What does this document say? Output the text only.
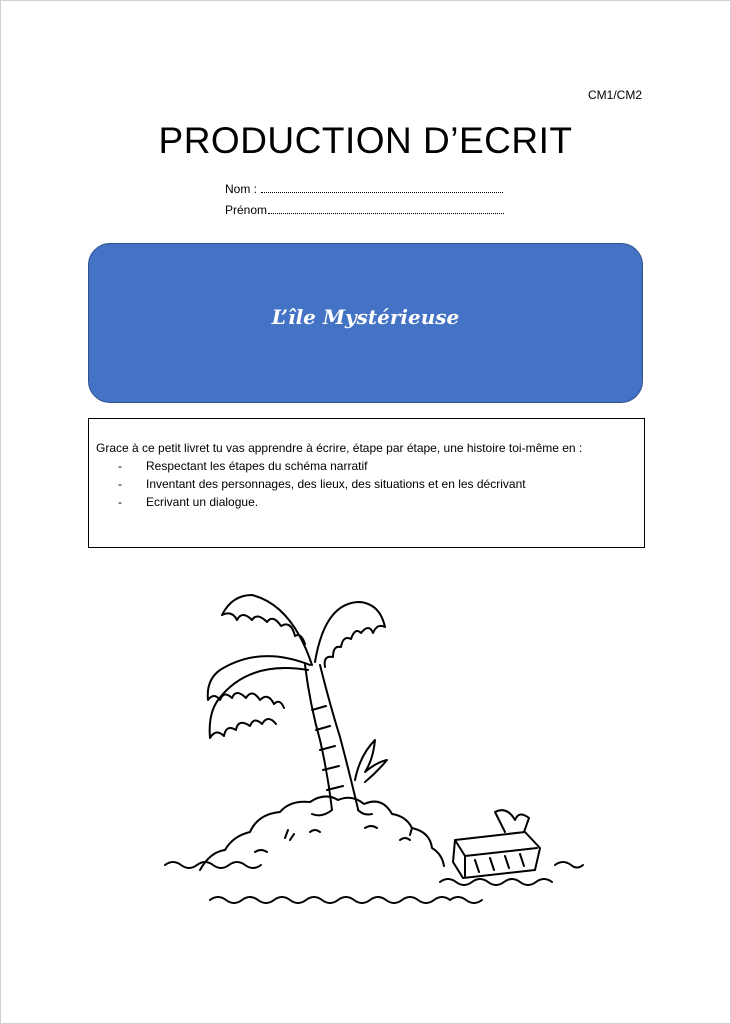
CM1/CM2
PRODUCTION D’ECRIT
Nom :
Prénom
L’île Mystérieuse
Grace à ce petit livret tu vas apprendre à écrire, étape par étape, une histoire toi-même en :
- Respectant les étapes du schéma narratif
- Inventant des personnages, des lieux, des situations et en les décrivant
- Ecrivant un dialogue.
